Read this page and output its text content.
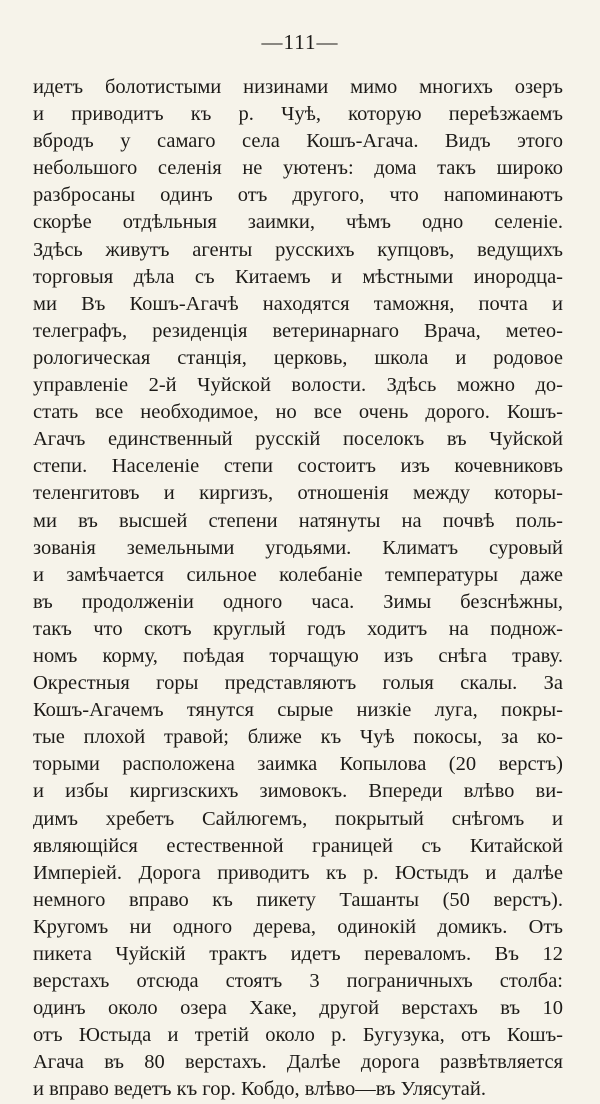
—111—
идетъ болотистыми низинами мимо многихъ озеръ
и приводитъ къ р. Чуѣ, которую переѣзжаемъ
вбродъ у самаго села Кошъ-Агача. Видъ этого
небольшого селенія не уютенъ: дома такъ широко
разбросаны одинъ отъ другого, что напоминаютъ
скорѣе отдѣльныя заимки, чѣмъ одно селеніе.
Здѣсь живутъ агенты русскихъ купцовъ, ведущихъ
торговыя дѣла съ Китаемъ и мѣстными инородца-
ми Въ Кошъ-Агачѣ находятся таможня, почта и
телеграфъ, резиденція ветеринарнаго Врача, метео-
рологическая станція, церковь, школа и родовое
управленіе 2-й Чуйской волости. Здѣсь можно до-
стать все необходимое, но все очень дорого. Кошъ-
Агачъ единственный русскій поселокъ въ Чуйской
степи. Населеніе степи состоитъ изъ кочевниковъ
теленгитовъ и киргизъ, отношенія между которы-
ми въ высшей степени натянуты на почвѣ поль-
зованія земельными угодьями. Климатъ суровый
и замѣчается сильное колебаніе температуры даже
въ продолженіи одного часа. Зимы безснѣжны,
такъ что скотъ круглый годъ ходитъ на поднож-
номъ корму, поѣдая торчащую изъ снѣга траву.
Окрестныя горы представляютъ голыя скалы. За
Кошъ-Агачемъ тянутся сырые низкіе луга, покры-
тые плохой травой; ближе къ Чуѣ покосы, за ко-
торыми расположена заимка Копылова (20 верстъ)
и избы киргизскихъ зимовокъ. Впереди влѣво ви-
димъ хребетъ Сайлюгемъ, покрытый снѣгомъ и
являющійся естественной границей съ Китайской
Имперіей. Дорога приводитъ къ р. Юстыдъ и далѣе
немного вправо къ пикету Ташанты (50 верстъ).
Кругомъ ни одного дерева, одинокій домикъ. Отъ
пикета Чуйскій трактъ идетъ переваломъ. Въ 12
верстахъ отсюда стоятъ 3 пограничныхъ столба:
одинъ около озера Хаке, другой верстахъ въ 10
отъ Юстыда и третій около р. Бугузука, отъ Кошъ-
Агача въ 80 верстахъ. Далѣе дорога развѣтвляется
и вправо ведетъ къ гор. Кобдо, влѣво—въ Улясутай.
